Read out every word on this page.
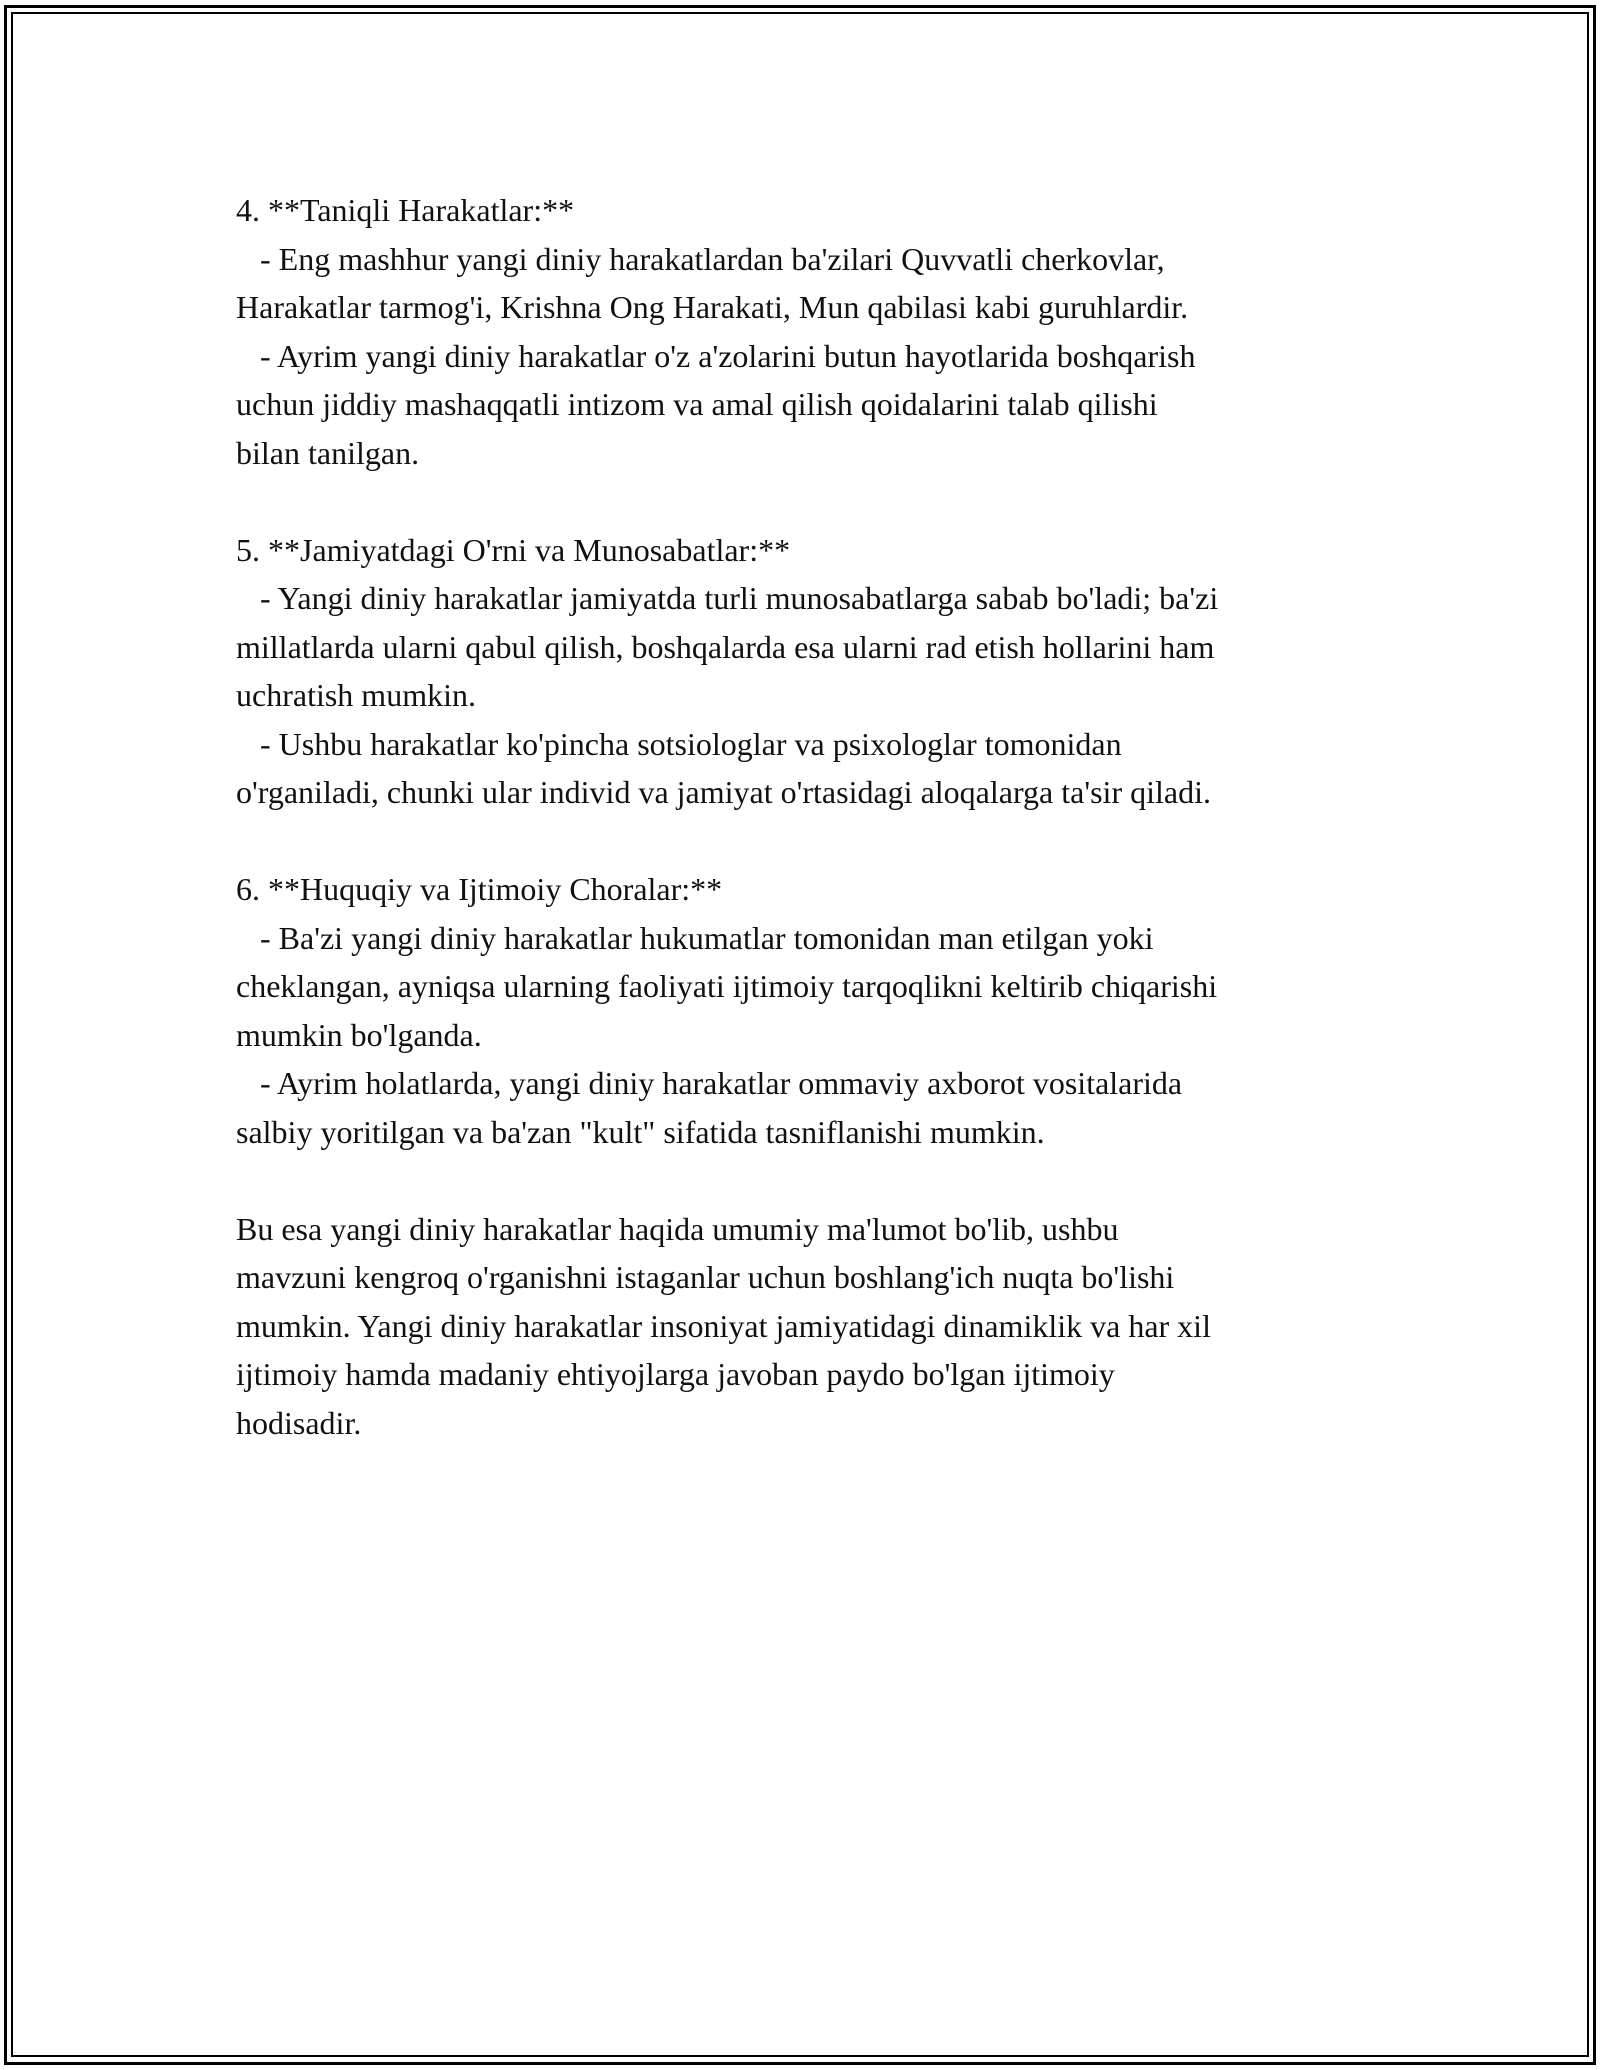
4. **Taniqli Harakatlar:**
- Eng mashhur yangi diniy harakatlardan ba'zilari Quvvatli cherkovlar,
Harakatlar tarmog'i, Krishna Ong Harakati, Mun qabilasi kabi guruhlardir.
- Ayrim yangi diniy harakatlar o'z a'zolarini butun hayotlarida boshqarish
uchun jiddiy mashaqqatli intizom va amal qilish qoidalarini talab qilishi
bilan tanilgan.
5. **Jamiyatdagi O'rni va Munosabatlar:**
- Yangi diniy harakatlar jamiyatda turli munosabatlarga sabab bo'ladi; ba'zi
millatlarda ularni qabul qilish, boshqalarda esa ularni rad etish hollarini ham
uchratish mumkin.
- Ushbu harakatlar ko'pincha sotsiologlar va psixologlar tomonidan
o'rganiladi, chunki ular individ va jamiyat o'rtasidagi aloqalarga ta'sir qiladi.
6. **Huquqiy va Ijtimoiy Choralar:**
- Ba'zi yangi diniy harakatlar hukumatlar tomonidan man etilgan yoki
cheklangan, ayniqsa ularning faoliyati ijtimoiy tarqoqlikni keltirib chiqarishi
mumkin bo'lganda.
- Ayrim holatlarda, yangi diniy harakatlar ommaviy axborot vositalarida
salbiy yoritilgan va ba'zan "kult" sifatida tasniflanishi mumkin.
Bu esa yangi diniy harakatlar haqida umumiy ma'lumot bo'lib, ushbu
mavzuni kengroq o'rganishni istaganlar uchun boshlang'ich nuqta bo'lishi
mumkin. Yangi diniy harakatlar insoniyat jamiyatidagi dinamiklik va har xil
ijtimoiy hamda madaniy ehtiyojlarga javoban paydo bo'lgan ijtimoiy
hodisadir.
